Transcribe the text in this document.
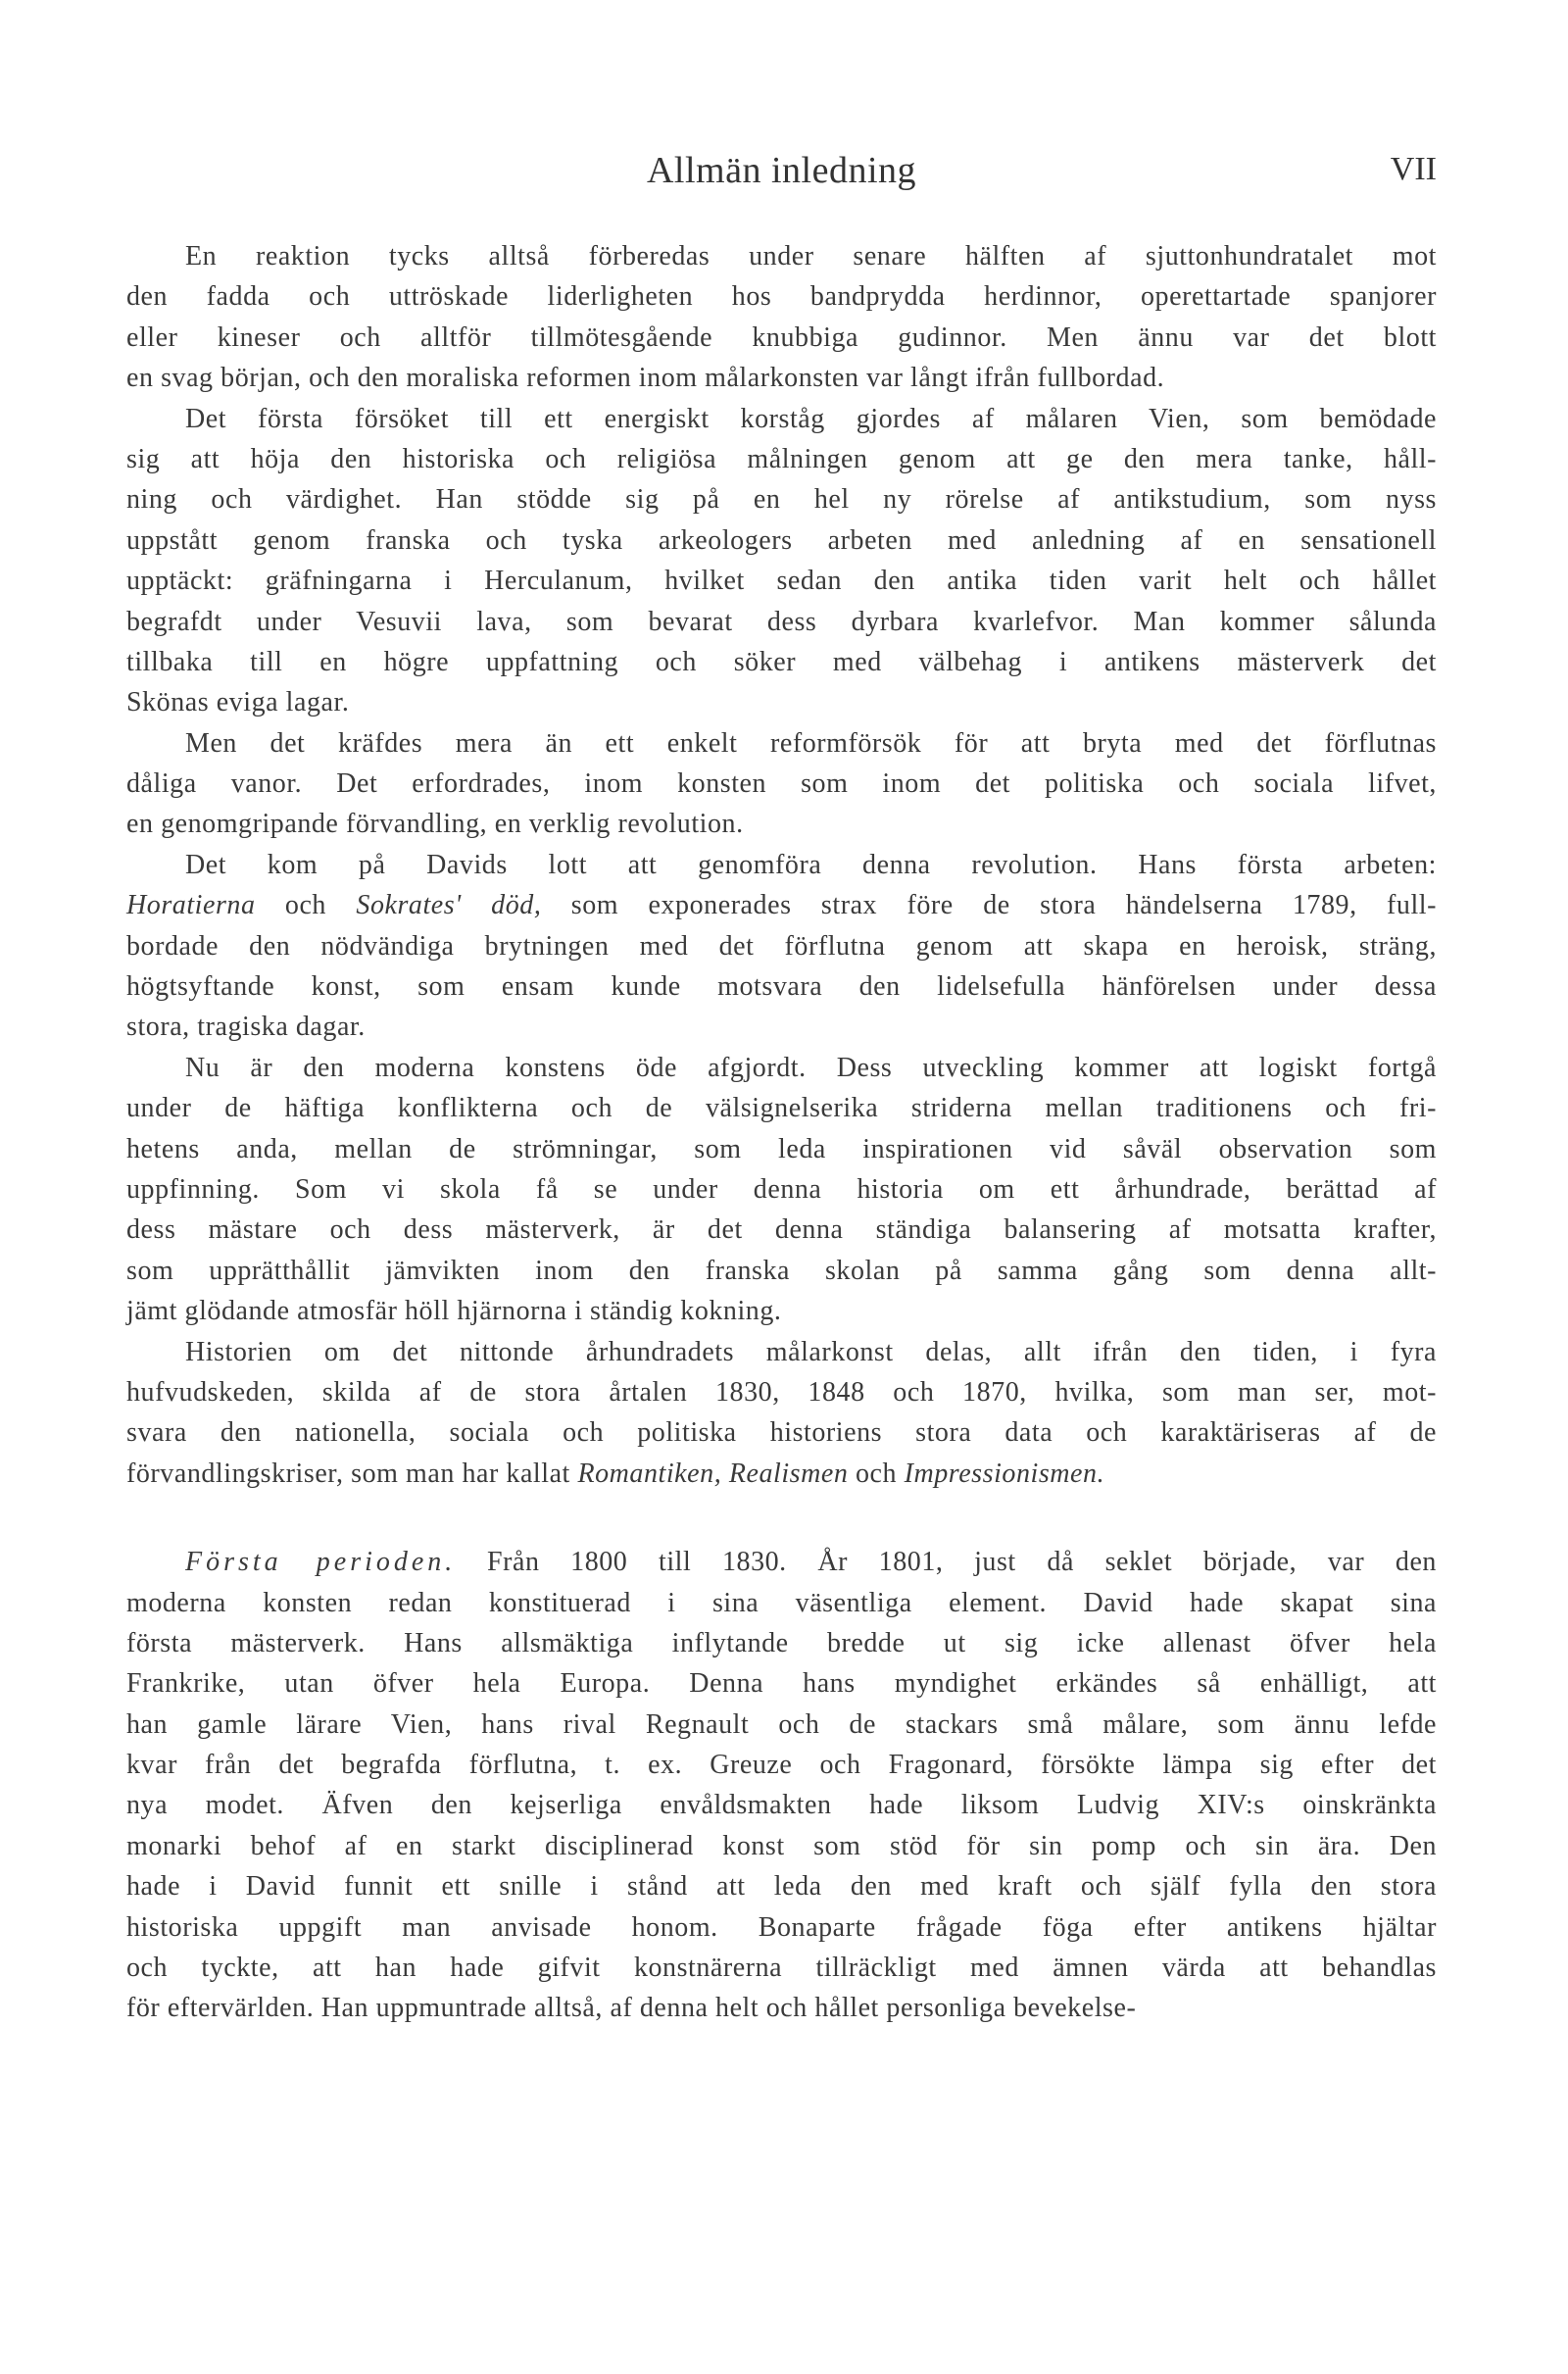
Allmän inledning	VII
En reaktion tycks alltså förberedas under senare hälften af sjuttonhundratalet mot
den fadda och uttröskade liderligheten hos bandprydda herdinnor, operettartade spanjorer
eller kineser och alltför tillmötesgående knubbiga gudinnor. Men ännu var det blott
en svag början, och den moraliska reformen inom målarkonsten var långt ifrån fullbordad.
Det första försöket till ett energiskt korståg gjordes af målaren Vien, som bemödade
sig att höja den historiska och religiösa målningen genom att ge den mera tanke, håll-
ning och värdighet. Han stödde sig på en hel ny rörelse af antikstudium, som nyss
uppstått genom franska och tyska arkeologers arbeten med anledning af en sensationell
upptäckt: gräfningarna i Herculanum, hvilket sedan den antika tiden varit helt och hållet
begrafdt under Vesuvii lava, som bevarat dess dyrbara kvarlefvor. Man kommer sålunda
tillbaka till en högre uppfattning och söker med välbehag i antikens mästerverk det
Skönas eviga lagar.
Men det kräfdes mera än ett enkelt reformförsök för att bryta med det förflutnas
dåliga vanor. Det erfordrades, inom konsten som inom det politiska och sociala lifvet,
en genomgripande förvandling, en verklig revolution.
Det kom på Davids lott att genomföra denna revolution. Hans första arbeten:
Horatierna och Sokrates' död, som exponerades strax före de stora händelserna 1789, full-
bordade den nödvändiga brytningen med det förflutna genom att skapa en heroisk, sträng,
högtsyftande konst, som ensam kunde motsvara den lidelsefulla hänförelsen under dessa
stora, tragiska dagar.
Nu är den moderna konstens öde afgjordt. Dess utveckling kommer att logiskt fortgå
under de häftiga konflikterna och de välsignelserika striderna mellan traditionens och fri-
hetens anda, mellan de strömningar, som leda inspirationen vid såväl observation som
uppfinning. Som vi skola få se under denna historia om ett århundrade, berättad af
dess mästare och dess mästerverk, är det denna ständiga balansering af motsatta krafter,
som upprätthållit jämvikten inom den franska skolan på samma gång som denna allt-
jämt glödande atmosfär höll hjärnorna i ständig kokning.
Historien om det nittonde århundradets målarkonst delas, allt ifrån den tiden, i fyra
hufvudskeden, skilda af de stora årtalen 1830, 1848 och 1870, hvilka, som man ser, mot-
svara den nationella, sociala och politiska historiens stora data och karaktäriseras af de
förvandlingskriser, som man har kallat Romantiken, Realismen och Impressionismen.
Första perioden. Från 1800 till 1830. År 1801, just då seklet började, var den
moderna konsten redan konstituerad i sina väsentliga element. David hade skapat sina
första mästerverk. Hans allsmäktiga inflytande bredde ut sig icke allenast öfver hela
Frankrike, utan öfver hela Europa. Denna hans myndighet erkändes så enhälligt, att
han gamle lärare Vien, hans rival Regnault och de stackars små målare, som ännu lefde
kvar från det begrafda förflutna, t. ex. Greuze och Fragonard, försökte lämpa sig efter det
nya modet. Äfven den kejserliga envåldsmakten hade liksom Ludvig XIV:s oinskränkta
monarki behof af en starkt disciplinerad konst som stöd för sin pomp och sin ära. Den
hade i David funnit ett snille i stånd att leda den med kraft och själf fylla den stora
historiska uppgift man anvisade honom. Bonaparte frågade föga efter antikens hjältar
och tyckte, att han hade gifvit konstnärerna tillräckligt med ämnen värda att behandlas
för eftervärlden. Han uppmuntrade alltså, af denna helt och hållet personliga bevekelse-
